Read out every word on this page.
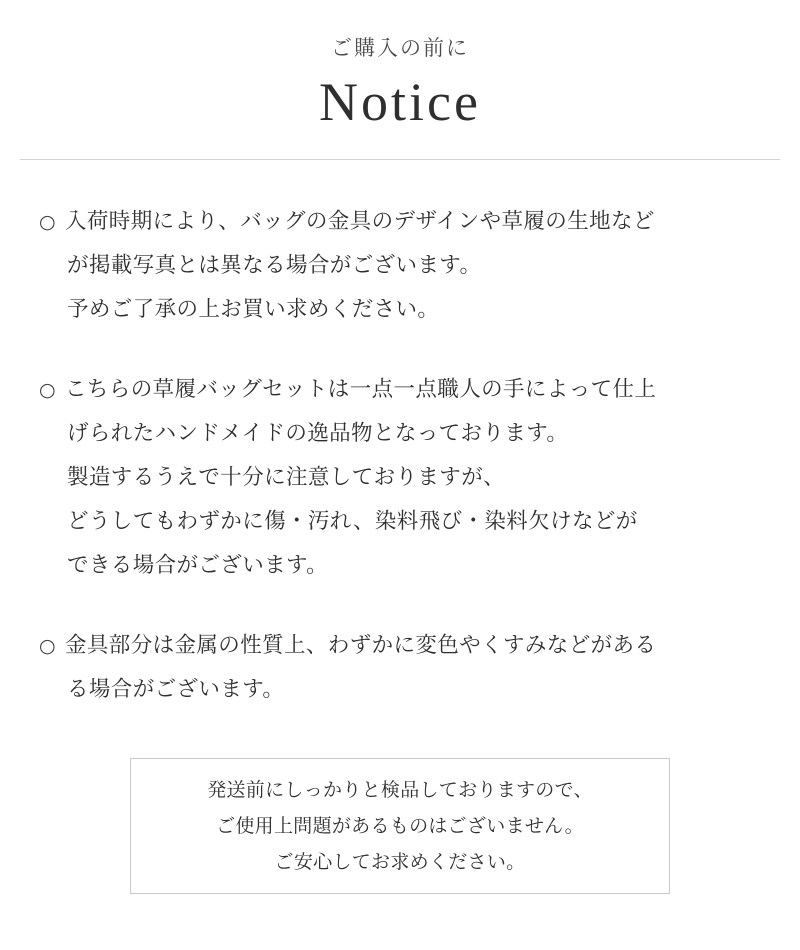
ご購入の前に
Notice
○ 入荷時期により、バッグの金具のデザインや草履の生地など
が掲載写真とは異なる場合がございます。
予めご了承の上お買い求めください。
○ こちらの草履バッグセットは一点一点職人の手によって仕上
げられたハンドメイドの逸品物となっております。
製造するうえで十分に注意しておりますが、
どうしてもわずかに傷・汚れ、染料飛び・染料欠けなどが
できる場合がございます。
○ 金具部分は金属の性質上、わずかに変色やくすみなどがある
る場合がございます。
発送前にしっかりと検品しておりますので、
ご使用上問題があるものはございません。
ご安心してお求めください。
